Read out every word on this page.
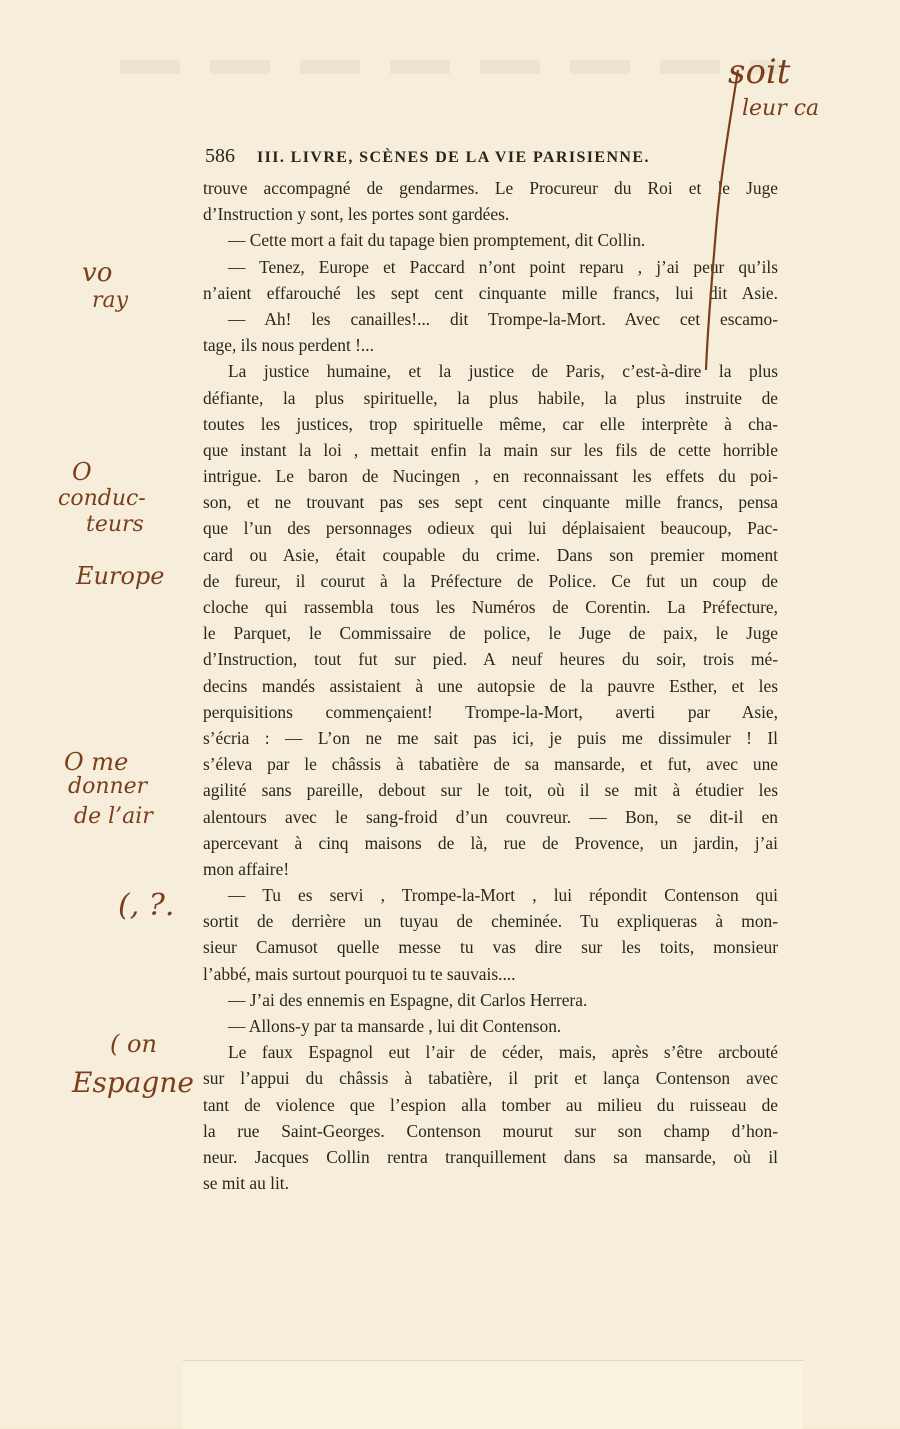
586 III. LIVRE, SCÈNES DE LA VIE PARISIENNE.
trouve accompagné de gendarmes. Le Procureur du Roi et le Juge
d’Instruction y sont, les portes sont gardées.
— Cette mort a fait du tapage bien promptement, dit Collin.
— Tenez, Europe et Paccard n’ont point reparu , j’ai peur qu’ils
n’aient effarouché les sept cent cinquante mille francs, lui dit Asie.
— Ah! les canailles!... dit Trompe-la-Mort. Avec cet escamo-
tage, ils nous perdent !...
La justice humaine, et la justice de Paris, c’est-à-dire la plus
défiante, la plus spirituelle, la plus habile, la plus instruite de
toutes les justices, trop spirituelle même, car elle interprète à cha-
que instant la loi , mettait enfin la main sur les fils de cette horrible
intrigue. Le baron de Nucingen , en reconnaissant les effets du poi-
son, et ne trouvant pas ses sept cent cinquante mille francs, pensa
que l’un des personnages odieux qui lui déplaisaient beaucoup, Pac-
card ou Asie, était coupable du crime. Dans son premier moment
de fureur, il courut à la Préfecture de Police. Ce fut un coup de
cloche qui rassembla tous les Numéros de Corentin. La Préfecture,
le Parquet, le Commissaire de police, le Juge de paix, le Juge
d’Instruction, tout fut sur pied. A neuf heures du soir, trois mé-
decins mandés assistaient à une autopsie de la pauvre Esther, et les
perquisitions commençaient! Trompe-la-Mort, averti par Asie,
s’écria : — L’on ne me sait pas ici, je puis me dissimuler ! Il
s’éleva par le châssis à tabatière de sa mansarde, et fut, avec une
agilité sans pareille, debout sur le toit, où il se mit à étudier les
alentours avec le sang-froid d’un couvreur. — Bon, se dit-il en
apercevant à cinq maisons de là, rue de Provence, un jardin, j’ai
mon affaire!
— Tu es servi , Trompe-la-Mort , lui répondit Contenson qui
sortit de derrière un tuyau de cheminée. Tu expliqueras à mon-
sieur Camusot quelle messe tu vas dire sur les toits, monsieur
l’abbé, mais surtout pourquoi tu te sauvais....
— J’ai des ennemis en Espagne, dit Carlos Herrera.
— Allons-y par ta mansarde , lui dit Contenson.
Le faux Espagnol eut l’air de céder, mais, après s’être arcbouté
sur l’appui du châssis à tabatière, il prit et lança Contenson avec
tant de violence que l’espion alla tomber au milieu du ruisseau de
la rue Saint-Georges. Contenson mourut sur son champ d’hon-
neur. Jacques Collin rentra tranquillement dans sa mansarde, où il
se mit au lit.
soit
leur ca
vo
ray
O
conduc-
teurs
Europe
O me
donner
de l’air
(, ?.
( on
Espagne
